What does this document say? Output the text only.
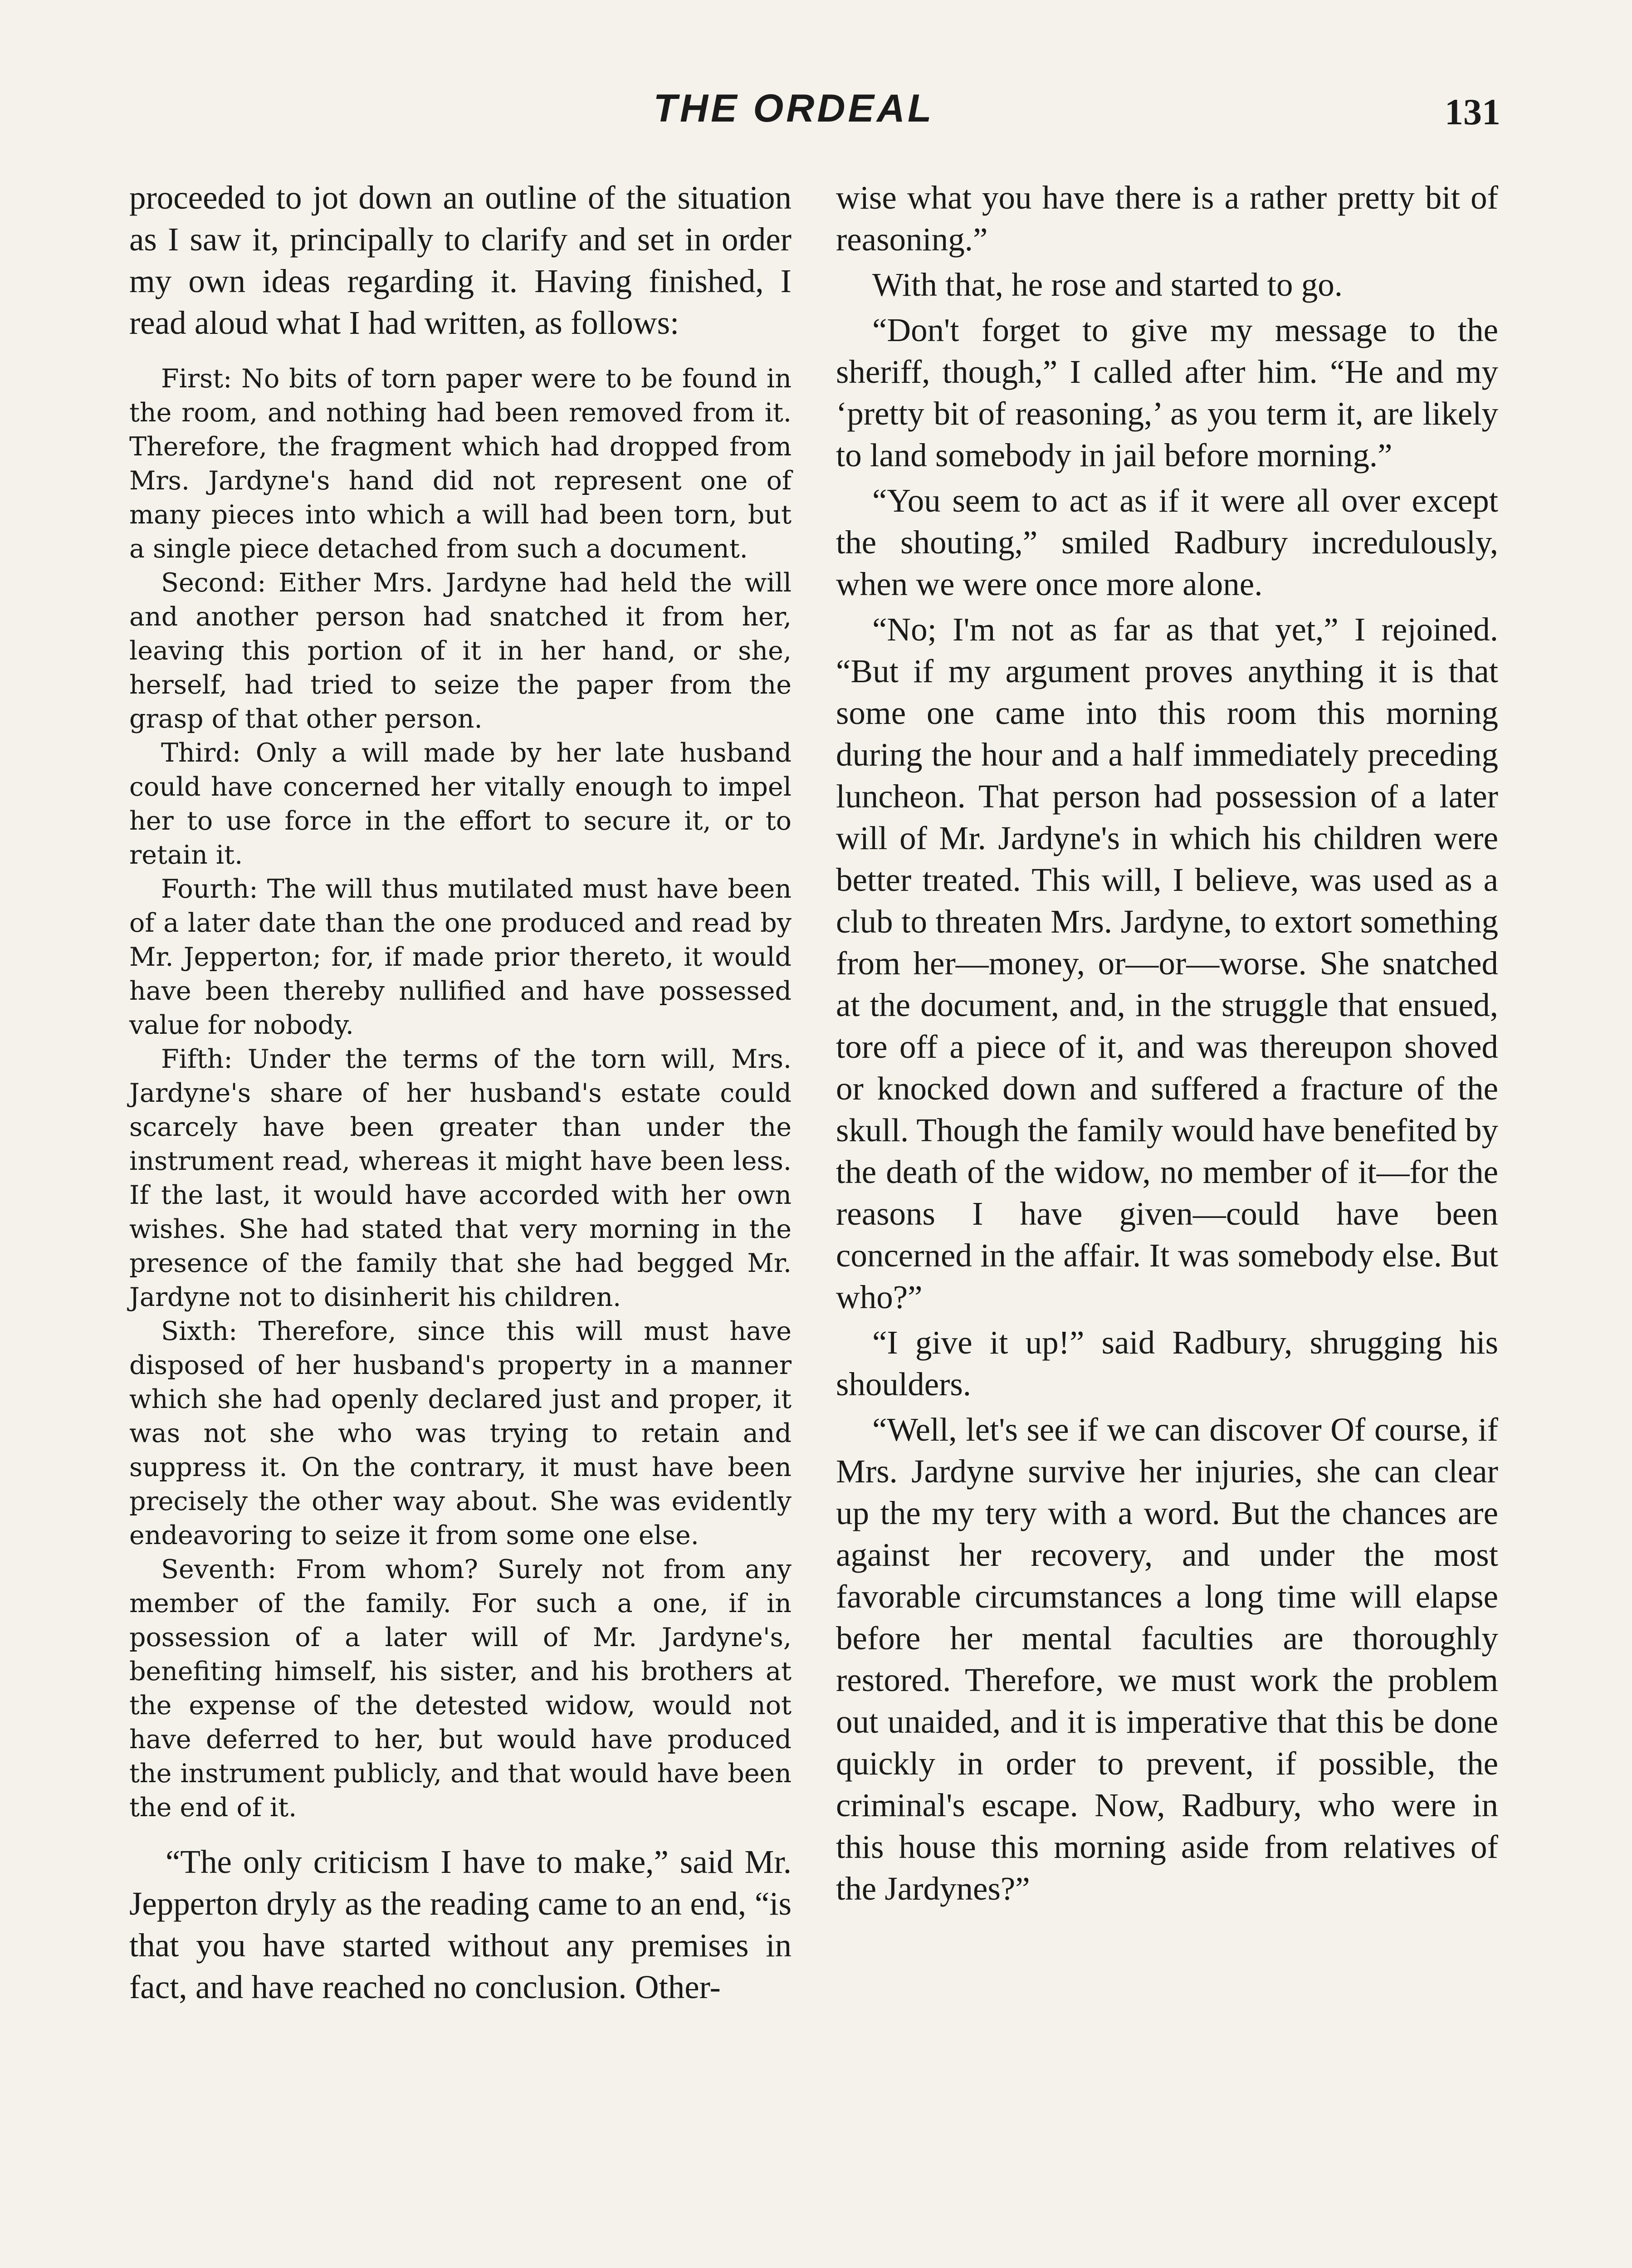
THE ORDEAL	131

proceeded to jot down an outline of the situation as I saw it, principally to clarify and set in order my own ideas regarding it. Having finished, I read aloud what I had written, as follows:

First: No bits of torn paper were to be found in the room, and nothing had been removed from it. Therefore, the fragment which had dropped from Mrs. Jardyne's hand did not represent one of many pieces into which a will had been torn, but a single piece detached from such a document.

Second: Either Mrs. Jardyne had held the will and another person had snatched it from her, leaving this portion of it in her hand, or she, herself, had tried to seize the paper from the grasp of that other person.

Third: Only a will made by her late husband could have concerned her vitally enough to impel her to use force in the effort to secure it, or to retain it.

Fourth: The will thus mutilated must have been of a later date than the one produced and read by Mr. Jepperton; for, if made prior thereto, it would have been thereby nullified and have possessed value for nobody.

Fifth: Under the terms of the torn will, Mrs. Jardyne's share of her husband's estate could scarcely have been greater than under the instrument read, whereas it might have been less. If the last, it would have accorded with her own wishes. She had stated that very morning in the presence of the family that she had begged Mr. Jardyne not to disinherit his children.

Sixth: Therefore, since this will must have disposed of her husband's property in a manner which she had openly declared just and proper, it was not she who was trying to retain and suppress it. On the contrary, it must have been precisely the other way about. She was evidently endeavoring to seize it from some one else.

Seventh: From whom? Surely not from any member of the family. For such a one, if in possession of a later will of Mr. Jardyne's, benefiting himself, his sister, and his brothers at the expense of the detested widow, would not have deferred to her, but would have produced the instrument publicly, and that would have been the end of it.

“The only criticism I have to make,” said Mr. Jepperton dryly as the reading came to an end, “is that you have started without any premises in fact, and have reached no conclusion. Other-

wise what you have there is a rather pretty bit of reasoning.”

With that, he rose and started to go.

“Don't forget to give my message to the sheriff, though,” I called after him. “He and my ‘pretty bit of reasoning,’ as you term it, are likely to land somebody in jail before morning.”

“You seem to act as if it were all over except the shouting,” smiled Radbury incredulously, when we were once more alone.

“No; I'm not as far as that yet,” I rejoined. “But if my argument proves anything it is that some one came into this room this morning during the hour and a half immediately preceding luncheon. That person had possession of a later will of Mr. Jardyne's in which his children were better treated. This will, I believe, was used as a club to threaten Mrs. Jardyne, to extort something from her—money, or—or—worse. She snatched at the document, and, in the struggle that ensued, tore off a piece of it, and was thereupon shoved or knocked down and suffered a fracture of the skull. Though the family would have benefited by the death of the widow, no member of it—for the reasons I have given—could have been concerned in the affair. It was somebody else. But who?”

“I give it up!” said Radbury, shrugging his shoulders.

“Well, let's see if we can discover Of course, if Mrs. Jardyne survive her injuries, she can clear up the my tery with a word. But the chances are against her recovery, and under the most favorable circumstances a long time will elapse before her mental faculties are thoroughly restored. Therefore, we must work the problem out unaided, and it is imperative that this be done quickly in order to prevent, if possible, the criminal's escape. Now, Radbury, who were in this house this morning aside from relatives of the Jardynes?”
